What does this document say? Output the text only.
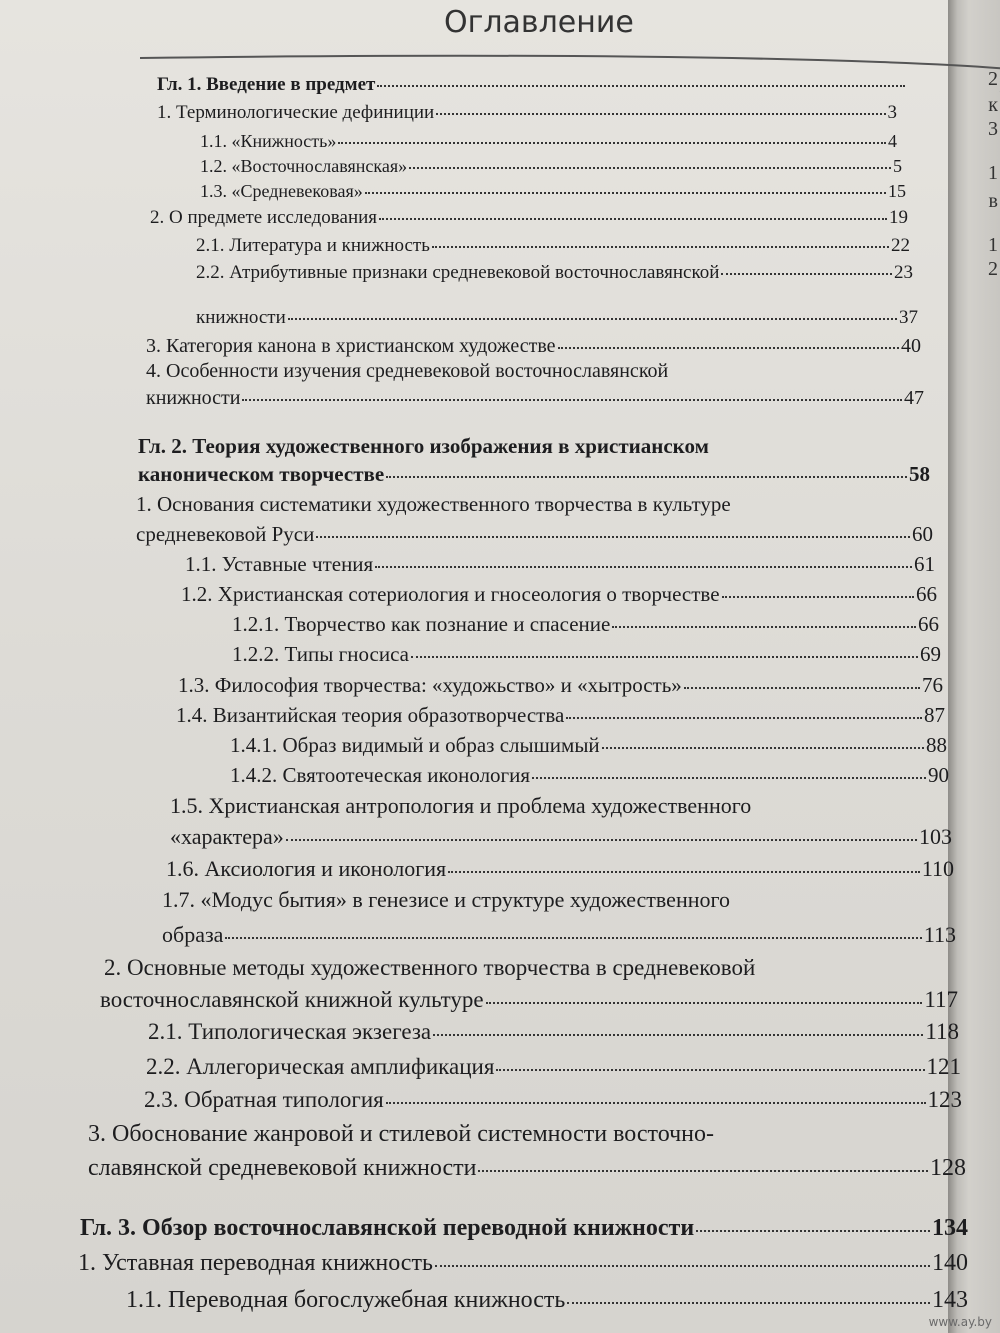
2
к
3
1
в
1
2
Оглавление
Гл. 1. Введение в предмет
1. Терминологические дефиниции	3
1.1. «Книжность»	4
1.2. «Восточнославянская»	5
1.3. «Средневековая»	15
2. О предмете исследования	19
2.1. Литература и книжность	22
2.2. Атрибутивные признаки средневековой восточнославянской	23
книжности	37
3. Категория канона в христианском художестве	40
4. Особенности изучения средневековой восточнославянской
книжности	47
Гл. 2. Теория художественного изображения в христианском
каноническом творчестве	58
1. Основания систематики художественного творчества в культуре
средневековой Руси	60
1.1. Уставные чтения	61
1.2. Христианская сотериология и гносеология о творчестве	66
1.2.1. Творчество как познание и спасение	66
1.2.2. Типы гносиса	69
1.3. Философия творчества: «художьство» и «хытрость»	76
1.4. Византийская теория образотворчества	87
1.4.1. Образ видимый и образ слышимый	88
1.4.2. Святоотеческая иконология	90
1.5. Христианская антропология и проблема художественного
«характера»	103
1.6. Аксиология и иконология	110
1.7. «Модус бытия» в генезисе и структуре художественного
образа	113
2. Основные методы художественного творчества в средневековой
восточнославянской книжной культуре	117
2.1. Типологическая экзегеза	118
2.2. Аллегорическая амплификация	121
2.3. Обратная типология	123
3. Обоснование жанровой и стилевой системности восточно-
славянской средневековой книжности	128
Гл. 3. Обзор восточнославянской переводной книжности	134
1. Уставная переводная книжность	140
1.1. Переводная богослужебная книжность	143
www.ay.by
